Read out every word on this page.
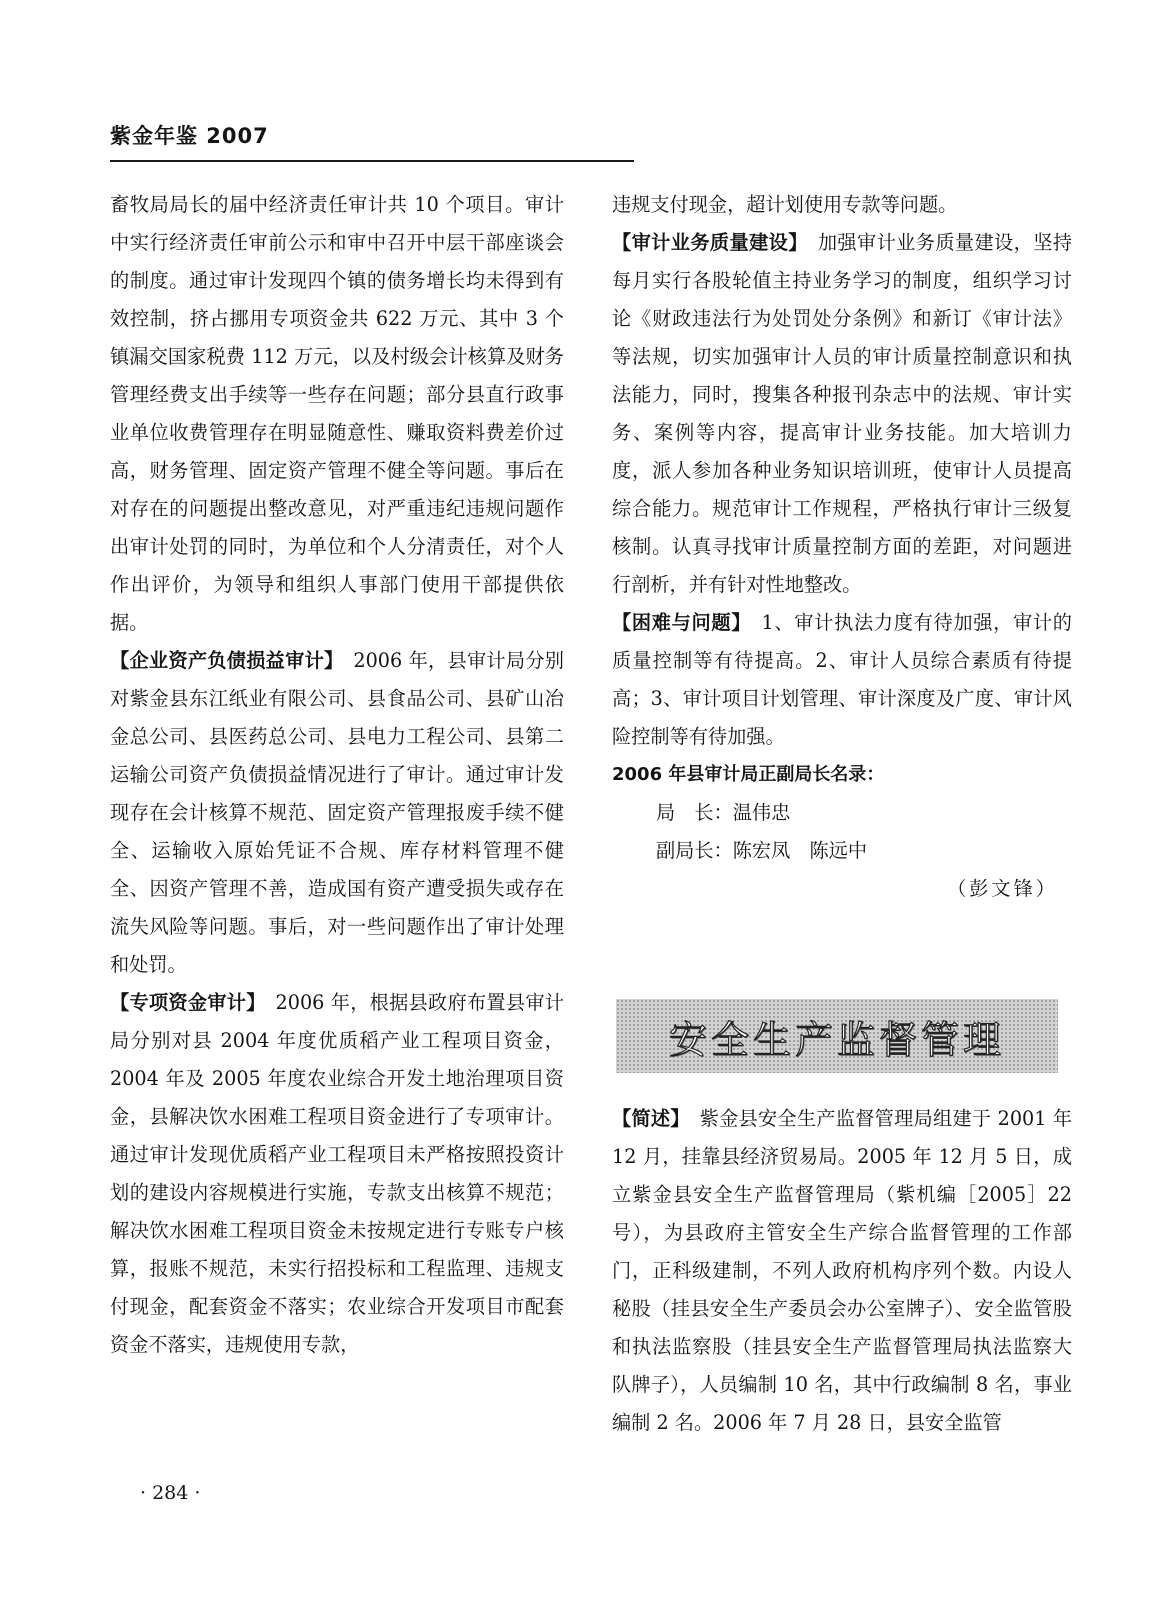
紫金年鉴 2007

畜牧局局长的届中经济责任审计共 10 个项目。审计中实行经济责任审前公示和审中召开中层干部座谈会的制度。通过审计发现四个镇的债务增长均未得到有效控制，挤占挪用专项资金共 622 万元、其中 3 个镇漏交国家税费 112 万元，以及村级会计核算及财务管理经费支出手续等一些存在问题；部分县直行政事业单位收费管理存在明显随意性、赚取资料费差价过高，财务管理、固定资产管理不健全等问题。事后在对存在的问题提出整改意见，对严重违纪违规问题作出审计处罚的同时，为单位和个人分清责任，对个人作出评价，为领导和组织人事部门使用干部提供依据。

【企业资产负债损益审计】　 2006 年，县审计局分别对紫金县东江纸业有限公司、县食品公司、县矿山冶金总公司、县医药总公司、县电力工程公司、县第二运输公司资产负债损益情况进行了审计。通过审计发现存在会计核算不规范、固定资产管理报废手续不健全、运输收入原始凭证不合规、库存材料管理不健全、因资产管理不善，造成国有资产遭受损失或存在流失风险等问题。事后，对一些问题作出了审计处理和处罚。

【专项资金审计】　 2006 年，根据县政府布置县审计局分别对县 2004 年度优质稻产业工程项目资金，2004 年及 2005 年度农业综合开发土地治理项目资金，县解决饮水困难工程项目资金进行了专项审计。通过审计发现优质稻产业工程项目未严格按照投资计划的建设内容规模进行实施，专款支出核算不规范；解决饮水困难工程项目资金未按规定进行专账专户核算，报账不规范，未实行招投标和工程监理、违规支付现金，配套资金不落实；农业综合开发项目市配套资金不落实，违规使用专款，

违规支付现金，超计划使用专款等问题。

【审计业务质量建设】　 加强审计业务质量建设，坚持每月实行各股轮值主持业务学习的制度，组织学习讨论《财政违法行为处罚处分条例》和新订《审计法》等法规，切实加强审计人员的审计质量控制意识和执法能力，同时，搜集各种报刊杂志中的法规、审计实务、案例等内容，提高审计业务技能。加大培训力度，派人参加各种业务知识培训班，使审计人员提高综合能力。规范审计工作规程，严格执行审计三级复核制。认真寻找审计质量控制方面的差距，对问题进行剖析，并有针对性地整改。

【困难与问题】　 1、审计执法力度有待加强，审计的质量控制等有待提高。2、审计人员综合素质有待提高；3、审计项目计划管理、审计深度及广度、审计风险控制等有待加强。

2006 年县审计局正副局长名录：

局　长：温伟忠

副局长：陈宏凤　陈远中

（彭文锋）

安全生产监督管理

【简述】　 紫金县安全生产监督管理局组建于 2001 年 12 月，挂靠县经济贸易局。2005 年 12 月 5 日，成立紫金县安全生产监督管理局（紫机编［2005］22 号），为县政府主管安全生产综合监督管理的工作部门，正科级建制，不列人政府机构序列个数。内设人秘股（挂县安全生产委员会办公室牌子）、安全监管股和执法监察股（挂县安全生产监督管理局执法监察大队牌子），人员编制 10 名，其中行政编制 8 名，事业编制 2 名。2006 年 7 月 28 日，县安全监管

· 284 ·
